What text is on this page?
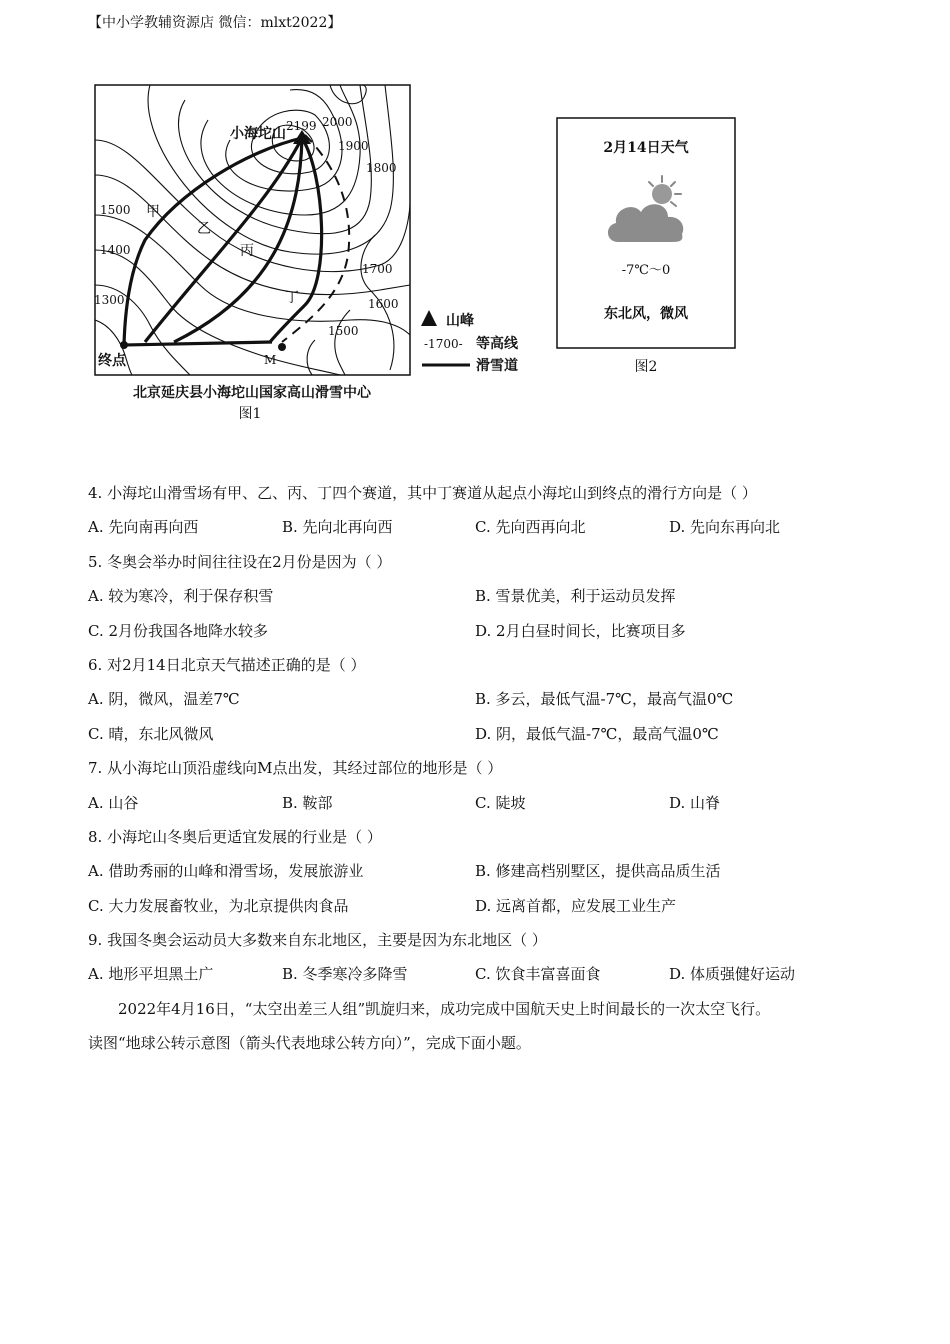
【中小学教辅资源店 微信：mlxt2022】
小海坨山 2199 2000
1900
1800
1700
1600
1500
1500
1400
1300
甲
乙
丙
丁
终点	M
山峰
-1700- 等高线
滑雪道
北京延庆县小海坨山国家高山滑雪中心
图1
2月14日天气
-7℃～0
东北风，微风
图2
4. 小海坨山滑雪场有甲、乙、丙、丁四个赛道，其中丁赛道从起点小海坨山到终点的滑行方向是（ ）
A. 先向南再向西	B. 先向北再向西	C. 先向西再向北	D. 先向东再向北
5. 冬奥会举办时间往往设在2月份是因为（ ）
A. 较为寒冷，利于保存积雪	B. 雪景优美，利于运动员发挥
C. 2月份我国各地降水较多	D. 2月白昼时间长，比赛项目多
6. 对2月14日北京天气描述正确的是（ ）
A. 阴，微风，温差7℃	B. 多云，最低气温-7℃，最高气温0℃
C. 晴，东北风微风	D. 阴，最低气温-7℃，最高气温0℃
7. 从小海坨山顶沿虚线向M点出发，其经过部位的地形是（ ）
A. 山谷	B. 鞍部	C. 陡坡	D. 山脊
8. 小海坨山冬奥后更适宜发展的行业是（ ）
A. 借助秀丽的山峰和滑雪场，发展旅游业	B. 修建高档别墅区，提供高品质生活
C. 大力发展畜牧业，为北京提供肉食品	D. 远离首都，应发展工业生产
9. 我国冬奥会运动员大多数来自东北地区，主要是因为东北地区（ ）
A. 地形平坦黑土广	B. 冬季寒冷多降雪	C. 饮食丰富喜面食	D. 体质强健好运动
2022年4月16日，“太空出差三人组”凯旋归来，成功完成中国航天史上时间最长的一次太空飞行。
读图“地球公转示意图（箭头代表地球公转方向）”，完成下面小题。
